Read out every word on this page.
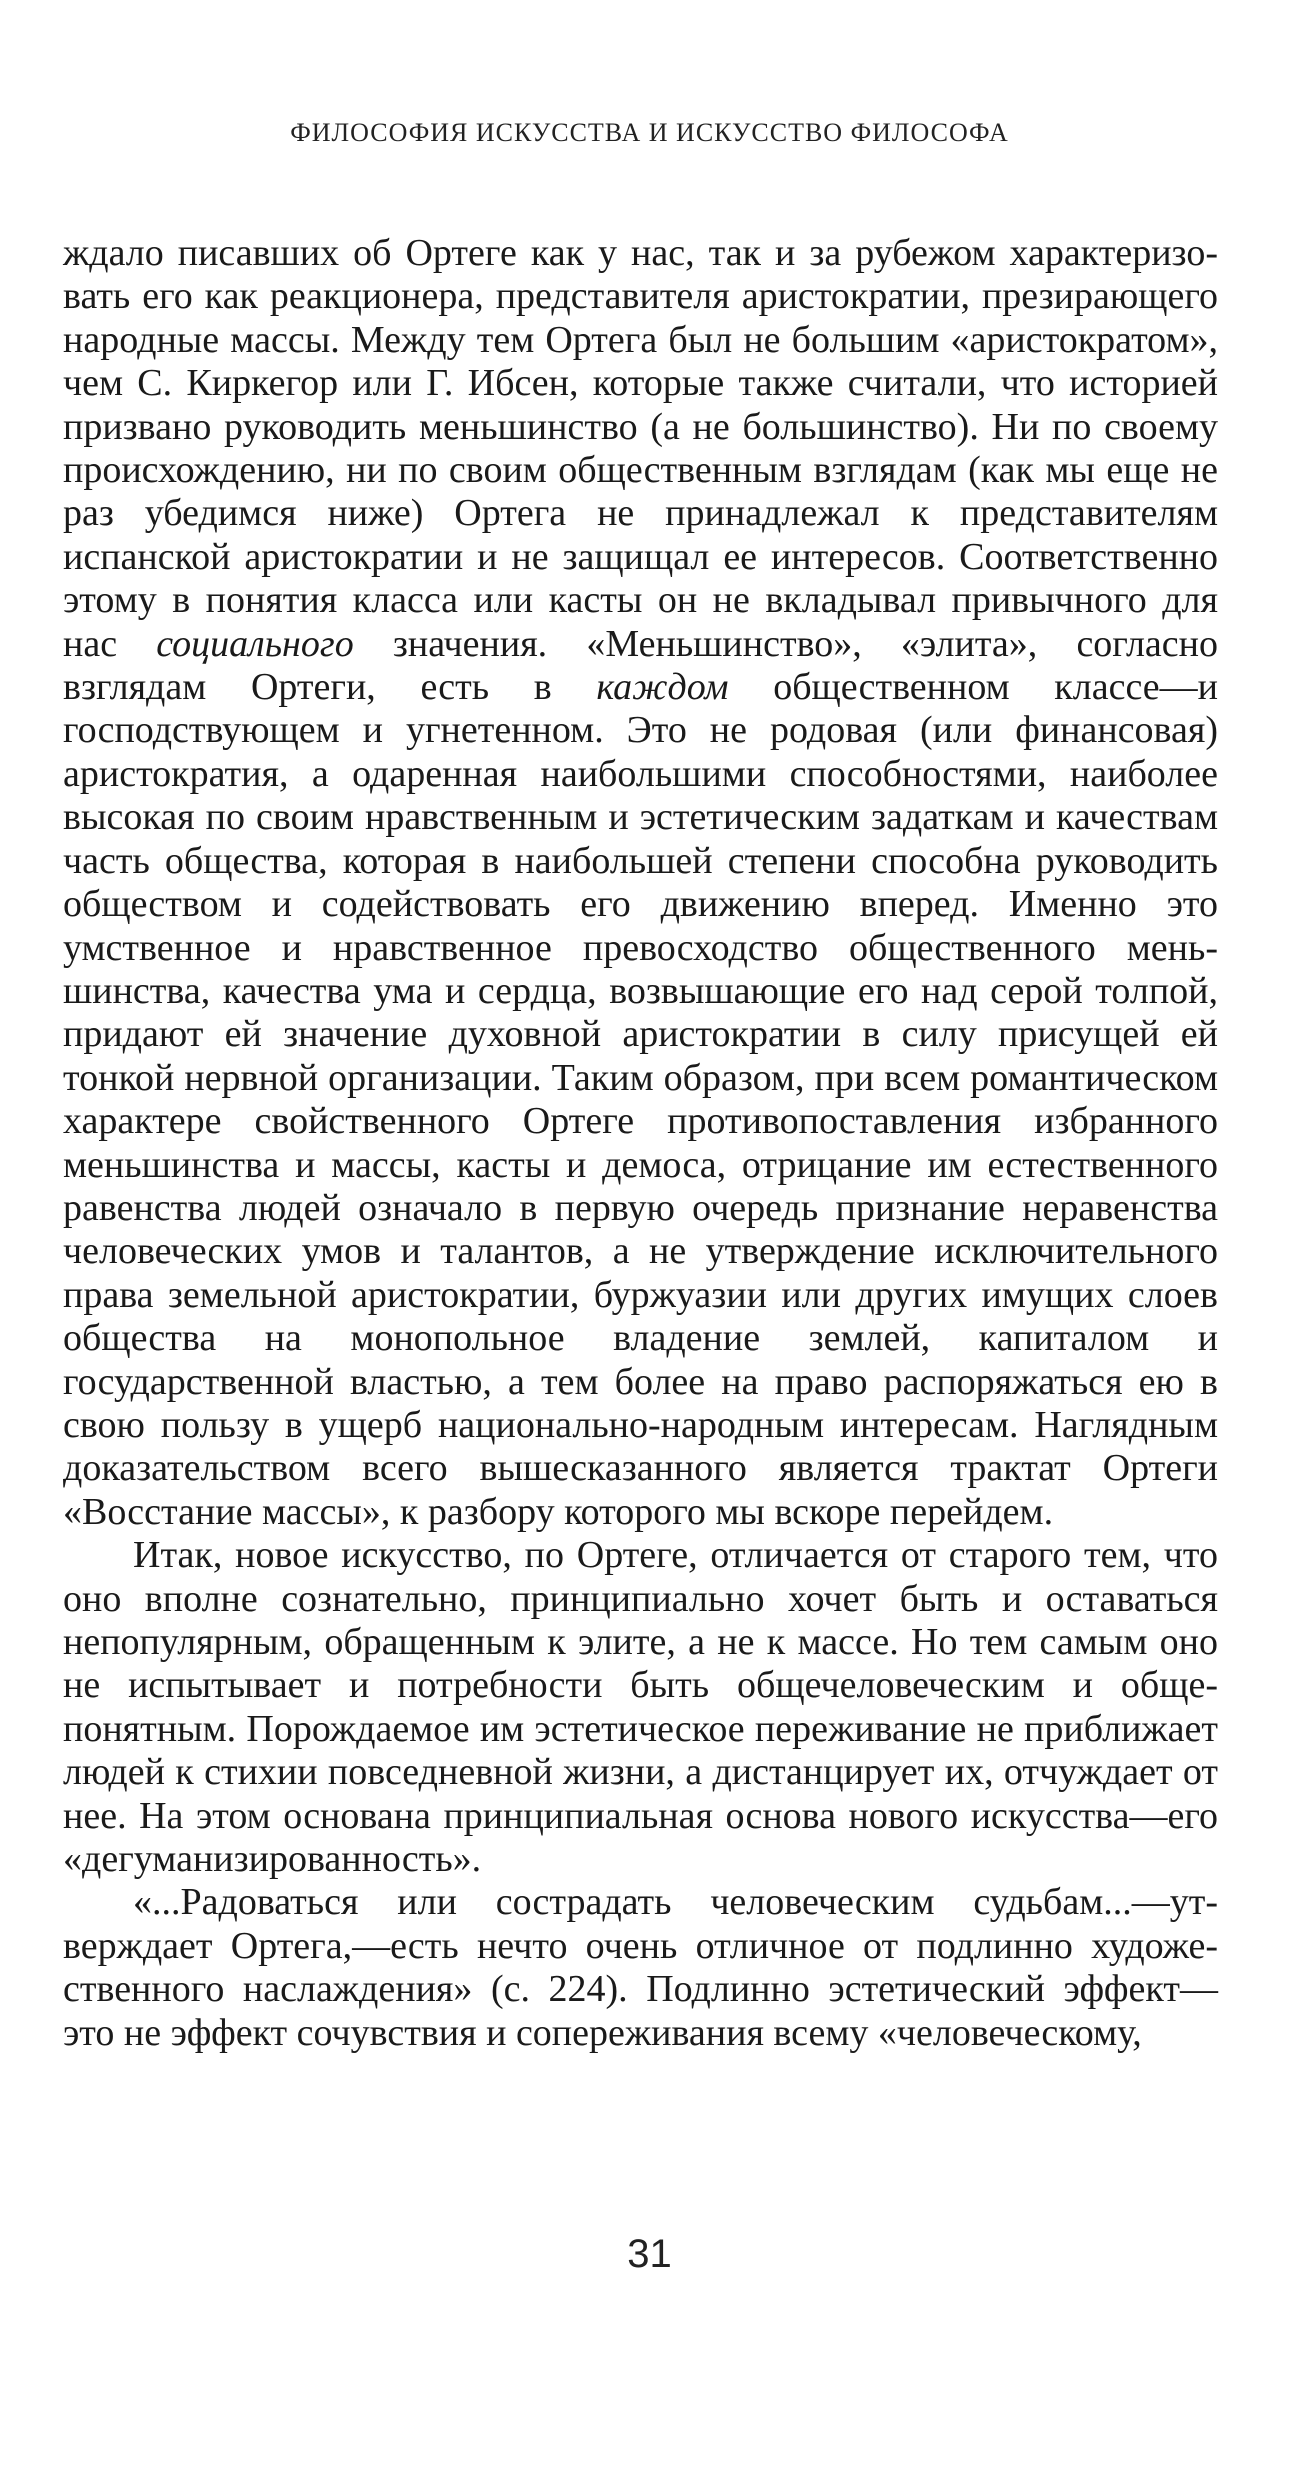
ФИЛОСОФИЯ ИСКУССТВА И ИСКУССТВО ФИЛОСОФА

ждало писавших об Ортеге как у нас, так и за рубежом характеризовать его как реакционера, представителя аристократии, презирающего народные массы. Между тем Ортега был не большим «аристократом», чем С. Киркегор или Г. Ибсен, которые также считали, что историей призвано руководить меньшинство (а не большинство). Ни по своему происхождению, ни по своим общественным взглядам (как мы еще не раз убедимся ниже) Ортега не принадлежал к представителям испанской аристократии и не защищал ее интересов. Соответственно этому в понятия класса или касты он не вкладывал привычного для нас социального значения. «Меньшинство», «элита», согласно взглядам Ортеги, есть в каждом общественном классе—и господствующем и угнетенном. Это не родовая (или финансовая) аристократия, а одаренная наибольшими способностями, наиболее высокая по своим нравственным и эстетическим задаткам и качествам часть общества, которая в наибольшей степени способна руководить обществом и содействовать его движению вперед. Именно это умственное и нравственное превосходство общественного меньшинства, качества ума и сердца, возвышающие его над серой толпой, придают ей значение духовной аристократии в силу присущей ей тонкой нервной организации. Таким образом, при всем романтическом характере свойственного Ортеге противопоставления избранного меньшинства и массы, касты и демоса, отрицание им естественного равенства людей означало в первую очередь признание неравенства человеческих умов и талантов, а не утверждение исключительного права земельной аристократии, буржуазии или других имущих слоев общества на монопольное владение землей, капиталом и государственной властью, а тем более на право распоряжаться ею в свою пользу в ущерб национально-народным интересам. Наглядным доказательством всего вышесказанного является трактат Ортеги «Восстание массы», к разбору которого мы вскоре перейдем.

Итак, новое искусство, по Ортеге, отличается от старого тем, что оно вполне сознательно, принципиально хочет быть и оставаться непопулярным, обращенным к элите, а не к массе. Но тем самым оно не испытывает и потребности быть общечеловеческим и общепонятным. Порождаемое им эстетическое переживание не приближает людей к стихии повседневной жизни, а дистанцирует их, отчуждает от нее. На этом основана принципиальная основа нового искусства—его «дегуманизированность».

«...Радоваться или сострадать человеческим судьбам...—утверждает Ортега,—есть нечто очень отличное от подлинно художественного наслаждения» (с. 224). Подлинно эстетический эффект— это не эффект сочувствия и сопереживания всему «человеческому,

31
